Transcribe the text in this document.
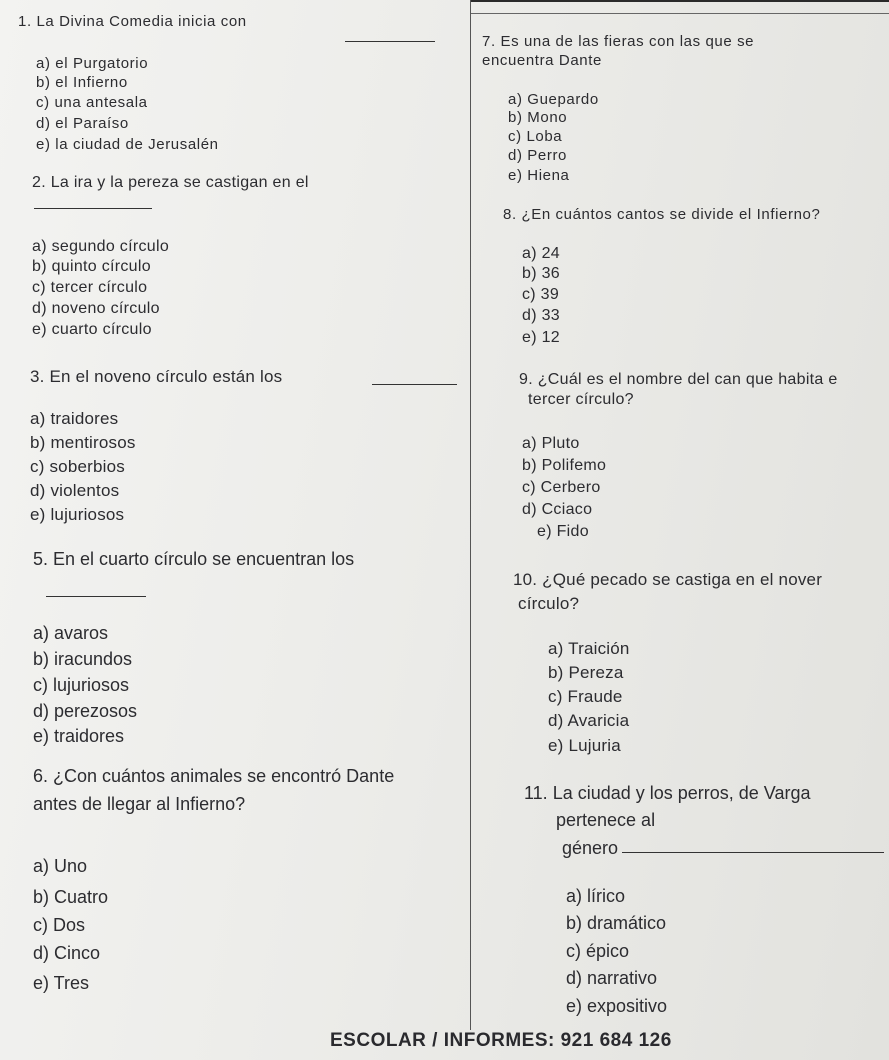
1. La Divina Comedia inicia con
a) el Purgatorio
b) el Infierno
c) una antesala
d) el Paraíso
e) la ciudad de Jerusalén
2. La ira y la pereza se castigan en el
a) segundo círculo
b) quinto círculo
c) tercer círculo
d) noveno círculo
e) cuarto círculo
3. En el noveno círculo están los
a) traidores
b) mentirosos
c) soberbios
d) violentos
e) lujuriosos
5. En el cuarto círculo se encuentran los
a) avaros
b) iracundos
c) lujuriosos
d) perezosos
e) traidores
6. ¿Con cuántos animales se encontró Dante
antes de llegar al Infierno?
a) Uno
b) Cuatro
c) Dos
d) Cinco
e) Tres
7. Es una de las fieras con las que se
encuentra Dante
a) Guepardo
b) Mono
c) Loba
d) Perro
e) Hiena
8. ¿En cuántos cantos se divide el Infierno?
a) 24
b) 36
c) 39
d) 33
e) 12
9. ¿Cuál es el nombre del can que habita e
tercer círculo?
a) Pluto
b) Polifemo
c) Cerbero
d) Cciaco
e) Fido
10. ¿Qué pecado se castiga en el nover
círculo?
a) Traición
b) Pereza
c) Fraude
d) Avaricia
e) Lujuria
11. La ciudad y los perros, de Varga
pertenece al
género
a) lírico
b) dramático
c) épico
d) narrativo
e) expositivo
ESCOLAR / INFORMES: 921 684 126
